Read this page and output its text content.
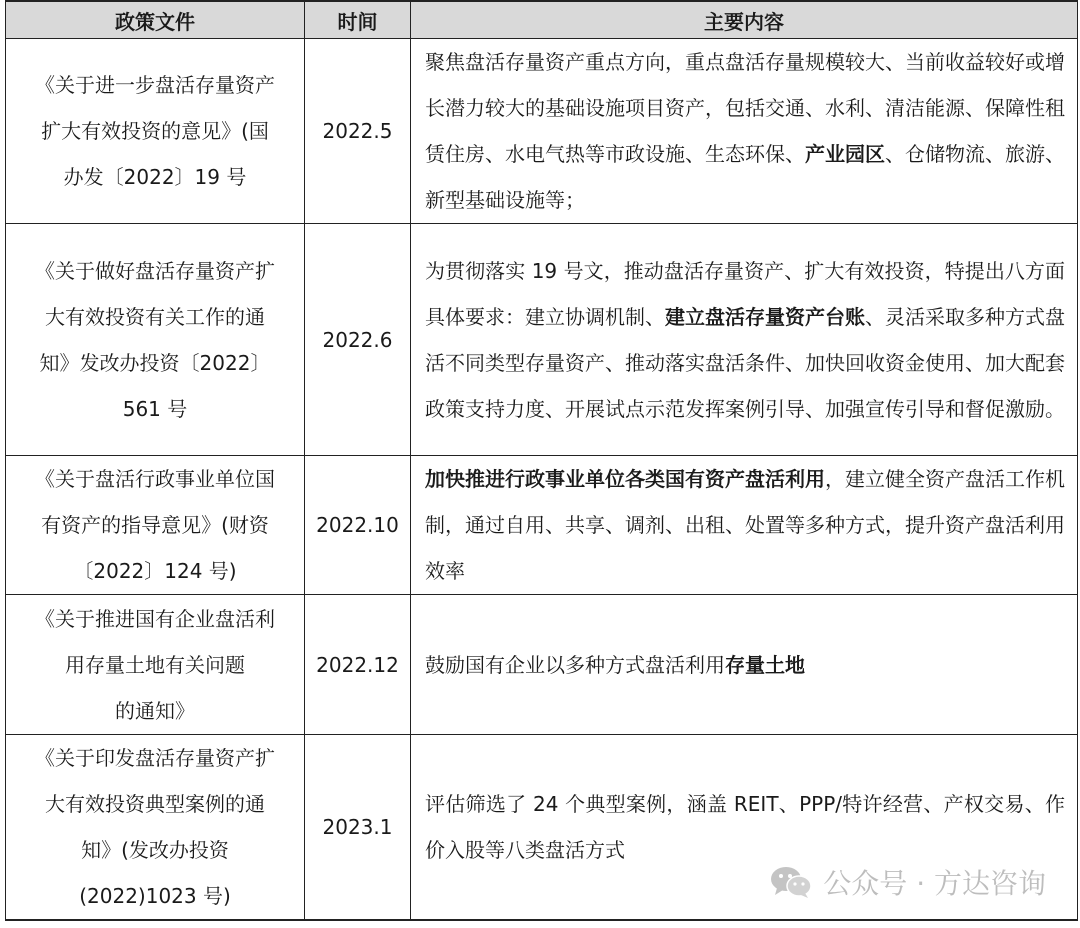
政策文件	时间	主要内容

《关于进一步盘活存量资产
扩大有效投资的意见》(国
办发〔2022〕19 号	2022.5	聚焦盘活存量资产重点方向，重点盘活存量规模较大、当前收益较好或增长潜力较大的基础设施项目资产，包括交通、水利、清洁能源、保障性租赁住房、水电气热等市政设施、生态环保、产业园区、仓储物流、旅游、新型基础设施等；

《关于做好盘活存量资产扩
大有效投资有关工作的通
知》发改办投资〔2022〕
561 号	2022.6	为贯彻落实 19 号文，推动盘活存量资产、扩大有效投资，特提出八方面具体要求：建立协调机制、建立盘活存量资产台账、灵活采取多种方式盘活不同类型存量资产、推动落实盘活条件、加快回收资金使用、加大配套政策支持力度、开展试点示范发挥案例引导、加强宣传引导和督促激励。

《关于盘活行政事业单位国
有资产的指导意见》(财资
〔2022〕124 号)	2022.10	加快推进行政事业单位各类国有资产盘活利用，建立健全资产盘活工作机制，通过自用、共享、调剂、出租、处置等多种方式，提升资产盘活利用效率

《关于推进国有企业盘活利
用存量土地有关问题
的通知》	2022.12	鼓励国有企业以多种方式盘活利用存量土地

《关于印发盘活存量资产扩
大有效投资典型案例的通
知》(发改办投资
(2022)1023 号)	2023.1	评估筛选了 24 个典型案例，涵盖 REIT、PPP/特许经营、产权交易、作价入股等八类盘活方式
公众号 · 方达咨询
